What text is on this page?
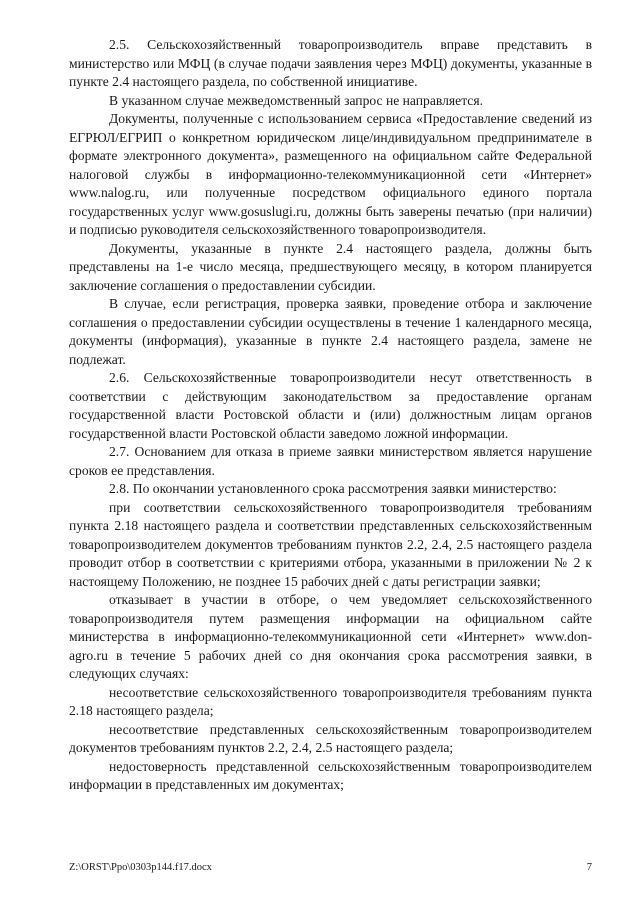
2.5. Сельскохозяйственный товаропроизводитель вправе представить в министерство или МФЦ (в случае подачи заявления через МФЦ) документы, указанные в пункте 2.4 настоящего раздела, по собственной инициативе.

В указанном случае межведомственный запрос не направляется.

Документы, полученные с использованием сервиса «Предоставление сведений из ЕГРЮЛ/ЕГРИП о конкретном юридическом лице/индивидуальном предпринимателе в формате электронного документа», размещенного на официальном сайте Федеральной налоговой службы в информационно-телекоммуникационной сети «Интернет» www.nalog.ru, или полученные посредством официального единого портала государственных услуг www.gosuslugi.ru, должны быть заверены печатью (при наличии) и подписью руководителя сельскохозяйственного товаропроизводителя.

Документы, указанные в пункте 2.4 настоящего раздела, должны быть представлены на 1-е число месяца, предшествующего месяцу, в котором планируется заключение соглашения о предоставлении субсидии.

В случае, если регистрация, проверка заявки, проведение отбора и заключение соглашения о предоставлении субсидии осуществлены в течение 1 календарного месяца, документы (информация), указанные в пункте 2.4 настоящего раздела, замене не подлежат.

2.6. Сельскохозяйственные товаропроизводители несут ответственность в соответствии с действующим законодательством за предоставление органам государственной власти Ростовской области и (или) должностным лицам органов государственной власти Ростовской области заведомо ложной информации.

2.7. Основанием для отказа в приеме заявки министерством является нарушение сроков ее представления.

2.8. По окончании установленного срока рассмотрения заявки министерство:

при соответствии сельскохозяйственного товаропроизводителя требованиям пункта 2.18 настоящего раздела и соответствии представленных сельскохозяйственным товаропроизводителем документов требованиям пунктов 2.2, 2.4, 2.5 настоящего раздела проводит отбор в соответствии с критериями отбора, указанными в приложении № 2 к настоящему Положению, не позднее 15 рабочих дней с даты регистрации заявки;

отказывает в участии в отборе, о чем уведомляет сельскохозяйственного товаропроизводителя путем размещения информации на официальном сайте министерства в информационно-телекоммуникационной сети «Интернет» www.don-agro.ru в течение 5 рабочих дней со дня окончания срока рассмотрения заявки, в следующих случаях:

несоответствие сельскохозяйственного товаропроизводителя требованиям пункта 2.18 настоящего раздела;

несоответствие представленных сельскохозяйственным товаропроизводителем документов требованиям пунктов 2.2, 2.4, 2.5 настоящего раздела;

недостоверность представленной сельскохозяйственным товаропроизводителем информации в представленных им документах;

Z:\ORST\Ppo\0303p144.f17.docx	7
